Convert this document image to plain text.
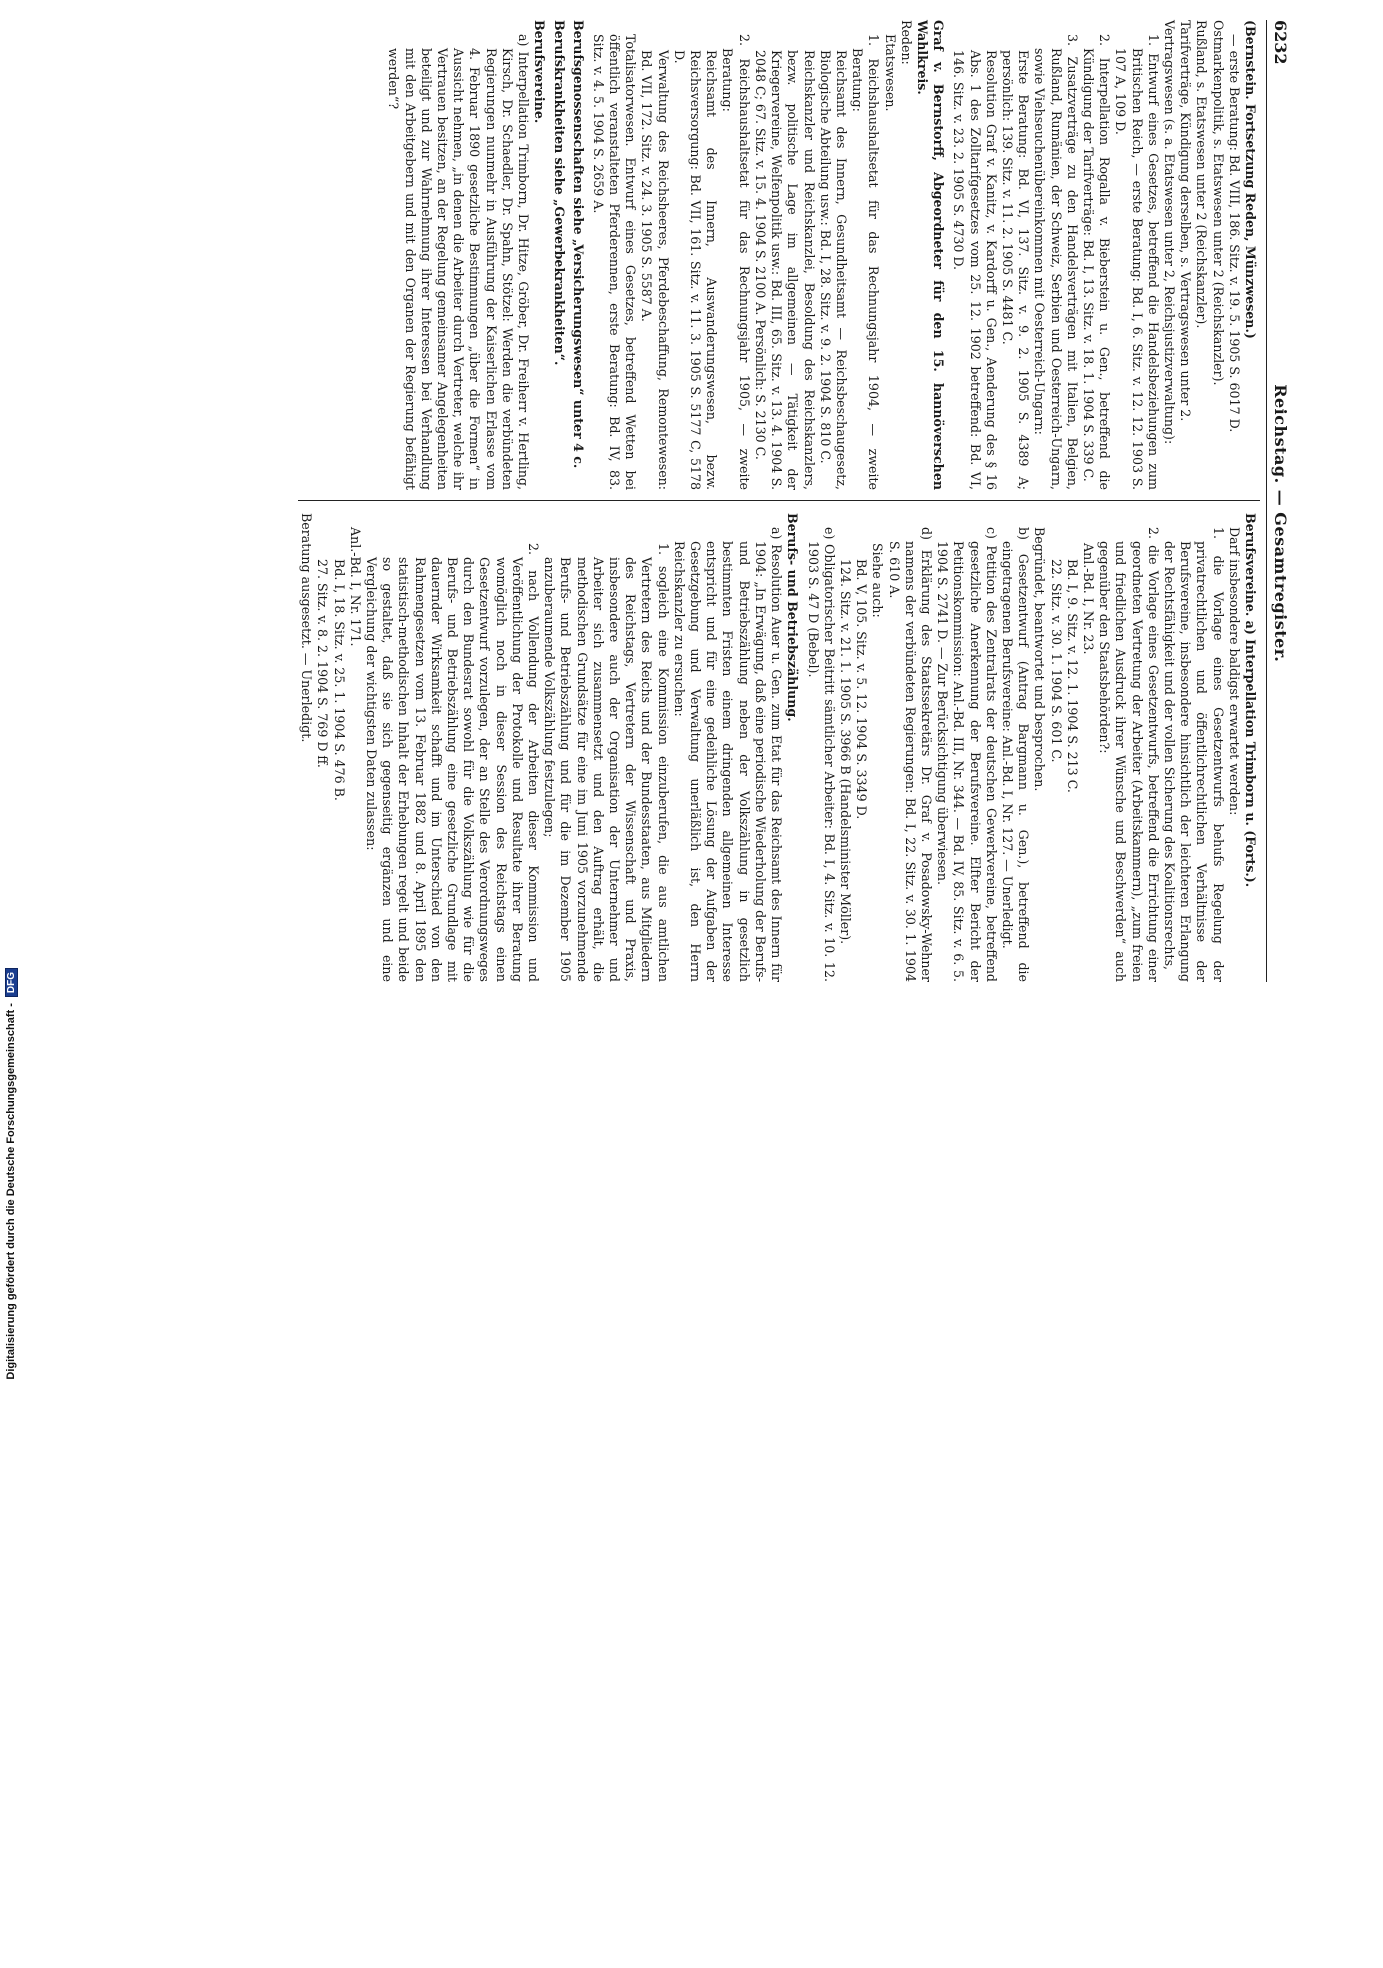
6232
Reichstag. — Gesamtregister.

(Bernstein. Fortsetzung Reden, Münzwesen.)

— erste Beratung: Bd. VIII, 186. Sitz. v. 19. 5. 1905 S. 6017 D.

Ostmarkenpolitik, s. Etatswesen unter 2 (Reichskanzler).

Rußland, s. Etatswesen unter 2 (Reichskanzler).

Tarifverträge, Kündigung derselben, s. Vertragswesen unter 2.

Vertragswesen (s. a. Etatswesen unter 2, Reichsjustizverwaltung):

1. Entwurf eines Gesetzes, betreffend die Handelsbeziehungen zum Britischen Reich, — erste Beratung: Bd. I, 6. Sitz. v. 12. 12. 1903 S. 107 A, 109 D.

2. Interpellation Rogalla v. Bieberstein u. Gen., betreffend die Kündigung der Tarifverträge: Bd. I, 13. Sitz. v. 18. 1. 1904 S. 339 C.

3. Zusatzverträge zu den Handelsverträgen mit Italien, Belgien, Rußland, Rumänien, der Schweiz, Serbien und Oesterreich-Ungarn, sowie Viehseuchenübereinkommen mit Oesterreich-Ungarn:

Erste Beratung: Bd. VI, 137. Sitz. v. 9. 2. 1905 S. 4389 A; persönlich: 139. Sitz. v. 11. 2. 1905 S. 4481 C.

Resolution Graf v. Kanitz, v. Kardorff u. Gen., Aenderung des § 16 Abs. 1 des Zolltarifgesetzes vom 25. 12. 1902 betreffend: Bd. VI, 146. Sitz. v. 23. 2. 1905 S. 4730 D.

Graf v. Bernstorff, Abgeordneter für den 15. hannöverschen Wahlkreis.

Reden:

Etatswesen.

1. Reichshaushaltsetat für das Rechnungsjahr 1904, — zweite Beratung:

Reichsamt des Innern, Gesundheitsamt — Reichsbeschaugesetz, Biologische Abteilung usw.: Bd. I, 28. Sitz. v. 9. 2. 1904 S. 810 C.

Reichskanzler und Reichskanzlei, Besoldung des Reichskanzlers, bezw. politische Lage im allgemeinen — Tätigkeit der Kriegervereine, Welfenpolitik usw.: Bd. III, 65. Sitz. v. 13. 4. 1904 S. 2048 C; 67. Sitz. v. 15. 4. 1904 S. 2100 A. Persönlich: S. 2130 C.

2. Reichshaushaltsetat für das Rechnungsjahr 1905, — zweite Beratung:

Reichsamt des Innern, Auswanderungswesen, bezw. Reichsversorgung: Bd. VII, 161. Sitz. v. 11. 3. 1905 S. 5177 C, 5178 D.

Verwaltung des Reichsheeres, Pferdebeschaffung, Remontewesen: Bd. VII, 172. Sitz. v. 24. 3. 1905 S. 5587 A.

Totalisatorwesen. Entwurf eines Gesetzes, betreffend Wetten bei öffentlich veranstalteten Pferderennen, erste Beratung: Bd. IV, 83. Sitz. v. 4. 5. 1904 S. 2659 A.

Berufsgenossenschaften siehe „Versicherungswesen“ unter 4 c.

Berufskrankheiten siehe „Gewerbekrankheiten“.

Berufsvereine.

a) Interpellation Trimborn, Dr. Hitze, Gröber, Dr. Freiherr v. Hertling, Kirsch, Dr. Schaedler, Dr. Spahn, Stötzel: Werden die verbündeten Regierungen nunmehr in Ausführung der Kaiserlichen Erlasse vom 4. Februar 1890 gesetzliche Bestimmungen „über die Formen“ in Aussicht nehmen, „in denen die Arbeiter durch Vertreter, welche ihr Vertrauen besitzen, an der Regelung gemeinsamer Angelegenheiten beteiligt und zur Wahrnehmung ihrer Interessen bei Verhandlung mit den Arbeitgebern und mit den Organen der Regierung befähigt werden“?

Berufsvereine. a) Interpellation Trimborn u. (Forts.).

Darf insbesondere baldigst erwartet werden:

1. die Vorlage eines Gesetzentwurfs behufs Regelung der privatrechtlichen und öffentlichrechtlichen Verhältnisse der Berufsvereine, insbesondere hinsichtlich der leichteren Erlangung der Rechtsfähigkeit und der vollen Sicherung des Koalitionsrechts,

2. die Vorlage eines Gesetzentwurfs, betreffend die Errichtung einer geordneten Vertretung der Arbeiter (Arbeitskammern), „zum freien und friedlichen Ausdruck ihrer Wünsche und Beschwerden“ auch gegenüber den Staatsbehörden?:

Anl.-Bd. I, Nr. 23.

Bd. I, 9. Sitz. v. 12. 1. 1904 S. 213 C.

22. Sitz. v. 30. 1. 1904 S. 601 C.

Begründet, beantwortet und besprochen.

b) Gesetzentwurf (Antrag Bargmann u. Gen.), betreffend die eingetragenen Berufsvereine: Anl.-Bd. I, Nr. 127. — Unerledigt.

c) Petition des Zentralrats der deutschen Gewerkvereine, betreffend gesetzliche Anerkennung der Berufsvereine. Elfter Bericht der Petitionskommission: Anl.-Bd. III, Nr. 344. — Bd. IV, 85. Sitz. v. 6. 5. 1904 S. 2741 D. — Zur Berücksichtigung überwiesen.

d) Erklärung des Staatssekretärs Dr. Graf v. Posadowsky-Wehner namens der verbündeten Regierungen: Bd. I, 22. Sitz. v. 30. 1. 1904 S. 610 A.

Siehe auch:

Bd. V, 105. Sitz. v. 5. 12. 1904 S. 3349 D.

124. Sitz. v. 21. 1. 1905 S. 3966 B (Handelsminister Möller).

e) Obligatorischer Beitritt sämtlicher Arbeiter: Bd. I, 4. Sitz. v. 10. 12. 1903 S. 47 D (Bebel).

Berufs- und Betriebszählung.

a) Resolution Auer u. Gen. zum Etat für das Reichsamt des Innern für 1904: „In Erwägung, daß eine periodische Wiederholung der Berufs- und Betriebszählung neben der Volkszählung in gesetzlich bestimmten Fristen einem dringenden allgemeinen Interesse entspricht und für eine gedeihliche Lösung der Aufgaben der Gesetzgebung und Verwaltung unerläßlich ist, den Herrn Reichskanzler zu ersuchen:

1. sogleich eine Kommission einzuberufen, die aus amtlichen Vertretern des Reichs und der Bundesstaaten, aus Mitgliedern des Reichstags, Vertretern der Wissenschaft und Praxis, insbesondere auch der Organisation der Unternehmer und Arbeiter sich zusammensetzt und den Auftrag erhält, die methodischen Grundsätze für eine im Juni 1905 vorzunehmende Berufs- und Betriebszählung und für die im Dezember 1905 anzuberaumende Volkszählung festzulegen;

2. nach Vollendung der Arbeiten dieser Kommission und Veröffentlichung der Protokolle und Resultate ihrer Beratung womöglich noch in dieser Session des Reichstags einen Gesetzentwurf vorzulegen, der an Stelle des Verordnungsweges durch den Bundesrat sowohl für die Volkszählung wie für die Berufs- und Betriebszählung eine gesetzliche Grundlage mit dauernder Wirksamkeit schafft und im Unterschied von den Rahmengesetzen vom 13. Februar 1882 und 8. April 1895 den statistisch-methodischen Inhalt der Erhebungen regelt und beide so gestaltet, daß sie sich gegenseitig ergänzen und eine Vergleichung der wichtigsten Daten zulassen:

Anl.-Bd. I, Nr. 171.

Bd. I, 18. Sitz. v. 25. 1. 1904 S. 476 B.

27. Sitz. v. 8. 2. 1904 S. 769 D ff.

Beratung ausgesetzt. — Unerledigt.

Digitalisierung gefördert durch die Deutsche Forschungsgemeinschaft -
DFG
